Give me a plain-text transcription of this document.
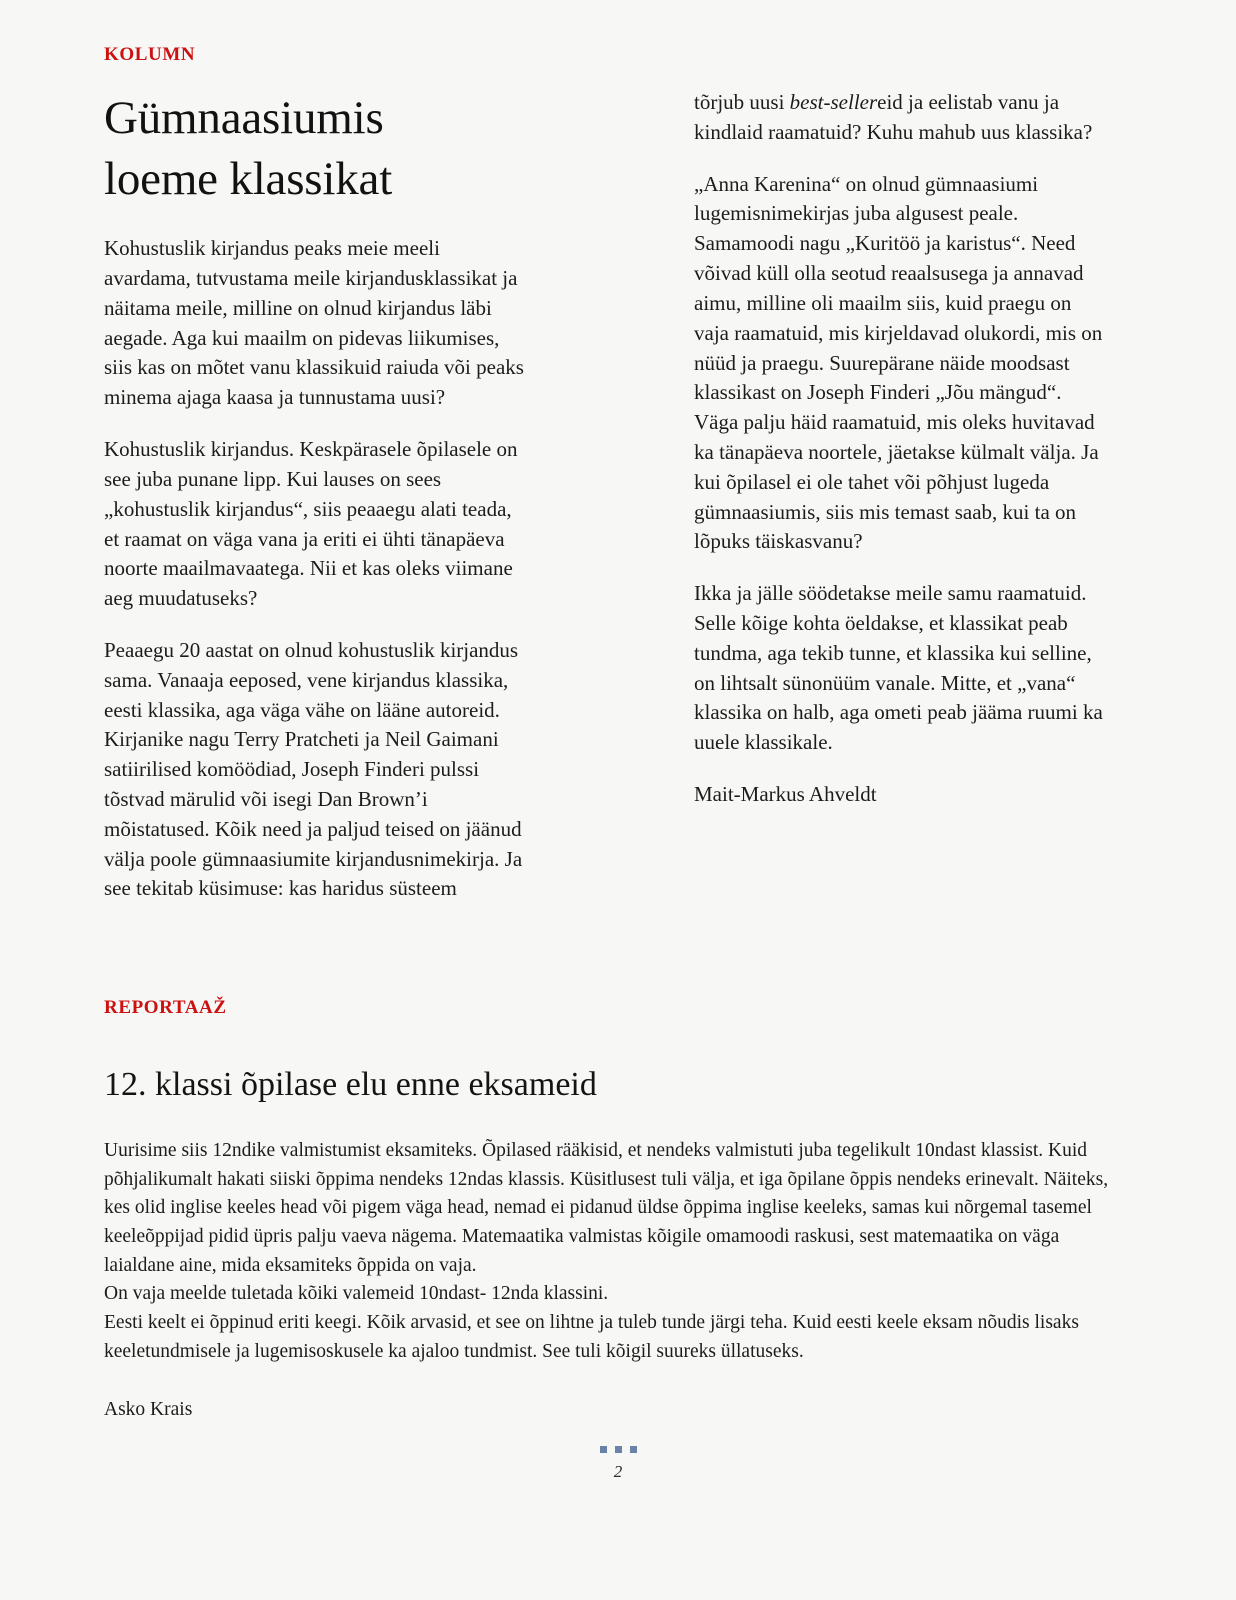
KOLUMN
Gümnaasiumis
loeme klassikat

Kohustuslik kirjandus peaks meie meeli avardama, tutvustama meile kirjandusklassikat ja näitama meile, milline on olnud kirjandus läbi aegade. Aga kui maailm on pidevas liikumises, siis kas on mõtet vanu klassikuid raiuda või peaks minema ajaga kaasa ja tunnustama uusi?

Kohustuslik kirjandus. Keskpärasele õpilasele on see juba punane lipp. Kui lauses on sees „kohustuslik kirjandus“, siis peaaegu alati teada, et raamat on väga vana ja eriti ei ühti tänapäeva noorte maailmavaatega. Nii et kas oleks viimane aeg muudatuseks?

Peaaegu 20 aastat on olnud kohustuslik kirjandus sama. Vanaaja eeposed, vene kirjandus klassika, eesti klassika, aga väga vähe on lääne autoreid. Kirjanike nagu Terry Pratcheti ja Neil Gaimani satiirilised komöödiad, Joseph Finderi pulssi tõstvad märulid või isegi Dan Brown’i mõistatused. Kõik need ja paljud teised on jäänud välja poole gümnaasiumite kirjandusnimekirja. Ja see tekitab küsimuse: kas haridus süsteem

tõrjub uusi best-sellereid ja eelistab vanu ja kindlaid raamatuid? Kuhu mahub uus klassika?

„Anna Karenina“ on olnud gümnaasiumi lugemisnimekirjas juba algusest peale. Samamoodi nagu „Kuritöö ja karistus“. Need võivad küll olla seotud reaalsusega ja annavad aimu, milline oli maailm siis, kuid praegu on vaja raamatuid, mis kirjeldavad olukordi, mis on nüüd ja praegu. Suurepärane näide moodsast klassikast on Joseph Finderi „Jõu mängud“. Väga palju häid raamatuid, mis oleks huvitavad ka tänapäeva noortele, jäetakse külmalt välja. Ja kui õpilasel ei ole tahet või põhjust lugeda gümnaasiumis, siis mis temast saab, kui ta on lõpuks täiskasvanu?

Ikka ja jälle söödetakse meile samu raamatuid. Selle kõige kohta öeldakse, et klassikat peab tundma, aga tekib tunne, et klassika kui selline, on lihtsalt sünonüüm vanale. Mitte, et „vana“ klassika on halb, aga ometi peab jääma ruumi ka uuele klassikale.

Mait-Markus Ahveldt

REPORTAAŽ
12. klassi õpilase elu enne eksameid

Uurisime siis 12ndike valmistumist eksamiteks. Õpilased rääkisid, et nendeks valmistuti juba tegelikult 10ndast klassist. Kuid põhjalikumalt hakati siiski õppima nendeks 12ndas klassis. Küsitlusest tuli välja, et iga õpilane õppis nendeks erinevalt. Näiteks, kes olid inglise keeles head või pigem väga head, nemad ei pidanud üldse õppima inglise keeleks, samas kui nõrgemal tasemel keeleõppijad pidid üpris palju vaeva nägema. Matemaatika valmistas kõigile omamoodi raskusi, sest matemaatika on väga laialdane aine, mida eksamiteks õppida on vaja.

On vaja meelde tuletada kõiki valemeid 10ndast- 12nda klassini.

Eesti keelt ei õppinud eriti keegi. Kõik arvasid, et see on lihtne ja tuleb tunde järgi teha. Kuid eesti keele eksam nõudis lisaks keeletundmisele ja lugemisoskusele ka ajaloo tundmist. See tuli kõigil suureks üllatuseks.

Asko Krais

2
